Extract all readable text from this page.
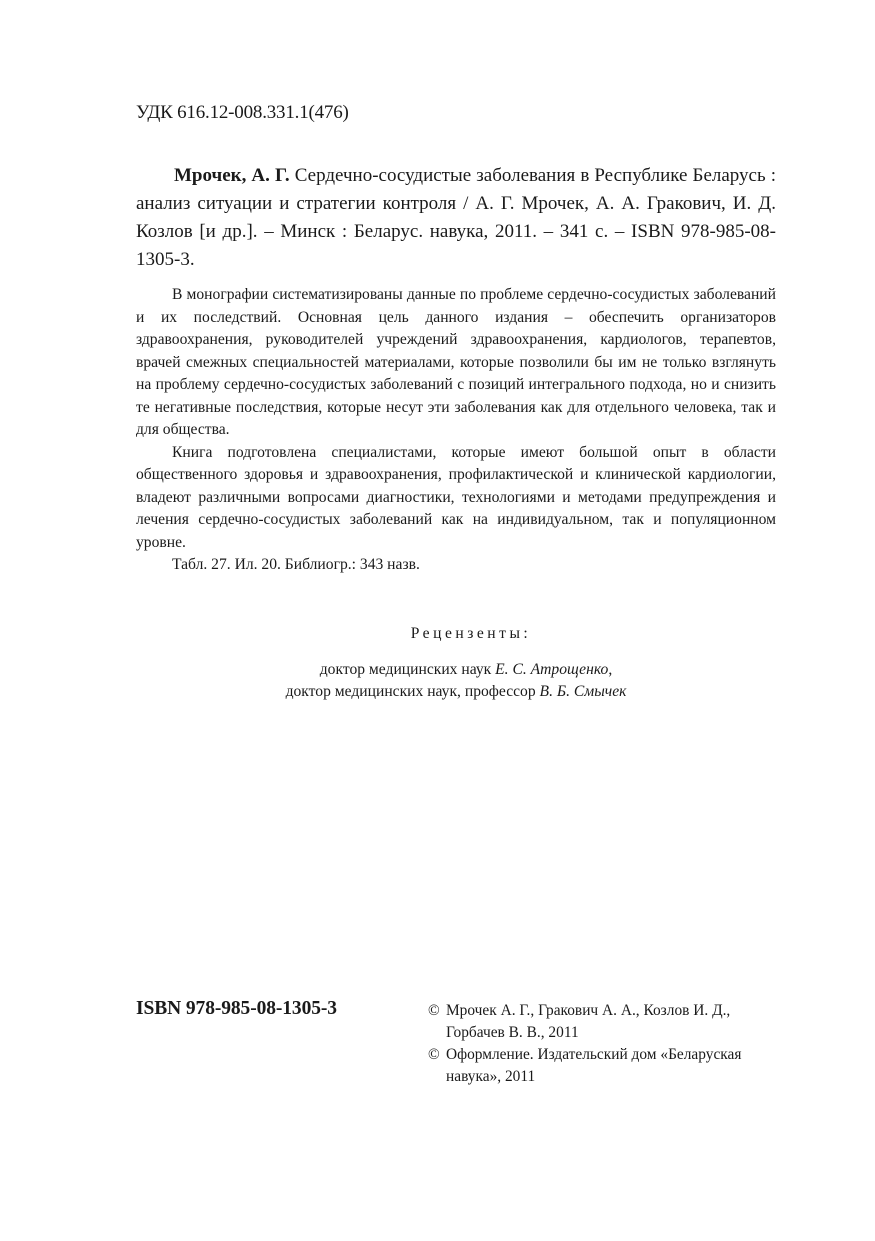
УДК 616.12-008.331.1(476)

Мрочек, А. Г. Сердечно-сосудистые заболевания в Республике Беларусь : анализ ситуации и стратегии контроля / А. Г. Мрочек, А. А. Гракович, И. Д. Козлов [и др.]. – Минск : Беларус. навука, 2011. – 341 с. – ISBN 978-985-08-1305-3.

В монографии систематизированы данные по проблеме сердечно-сосудистых заболеваний и их последствий. Основная цель данного издания – обеспечить организаторов здравоохранения, руководителей учреждений здравоохранения, кардиологов, терапевтов, врачей смежных специальностей материалами, которые позволили бы им не только взглянуть на проблему сердечно-сосудистых заболеваний с позиций интегрального подхода, но и снизить те негативные последствия, которые несут эти заболевания как для отдельного человека, так и для общества.

Книга подготовлена специалистами, которые имеют большой опыт в области общественного здоровья и здравоохранения, профилактической и клинической кардиологии, владеют различными вопросами диагностики, технологиями и методами предупреждения и лечения сердечно-сосудистых заболеваний как на индивидуальном, так и популяционном уровне.

Табл. 27. Ил. 20. Библиогр.: 343 назв.

Рецензенты:
доктор медицинских наук Е. С. Атрощенко,
доктор медицинских наук, профессор В. Б. Смычек
ISBN 978-985-08-1305-3	© Мрочек А. Г., Гракович А. А., Козлов И. Д., Горбачев В. В., 2011
© Оформление. Издательский дом «Беларуская навука», 2011
